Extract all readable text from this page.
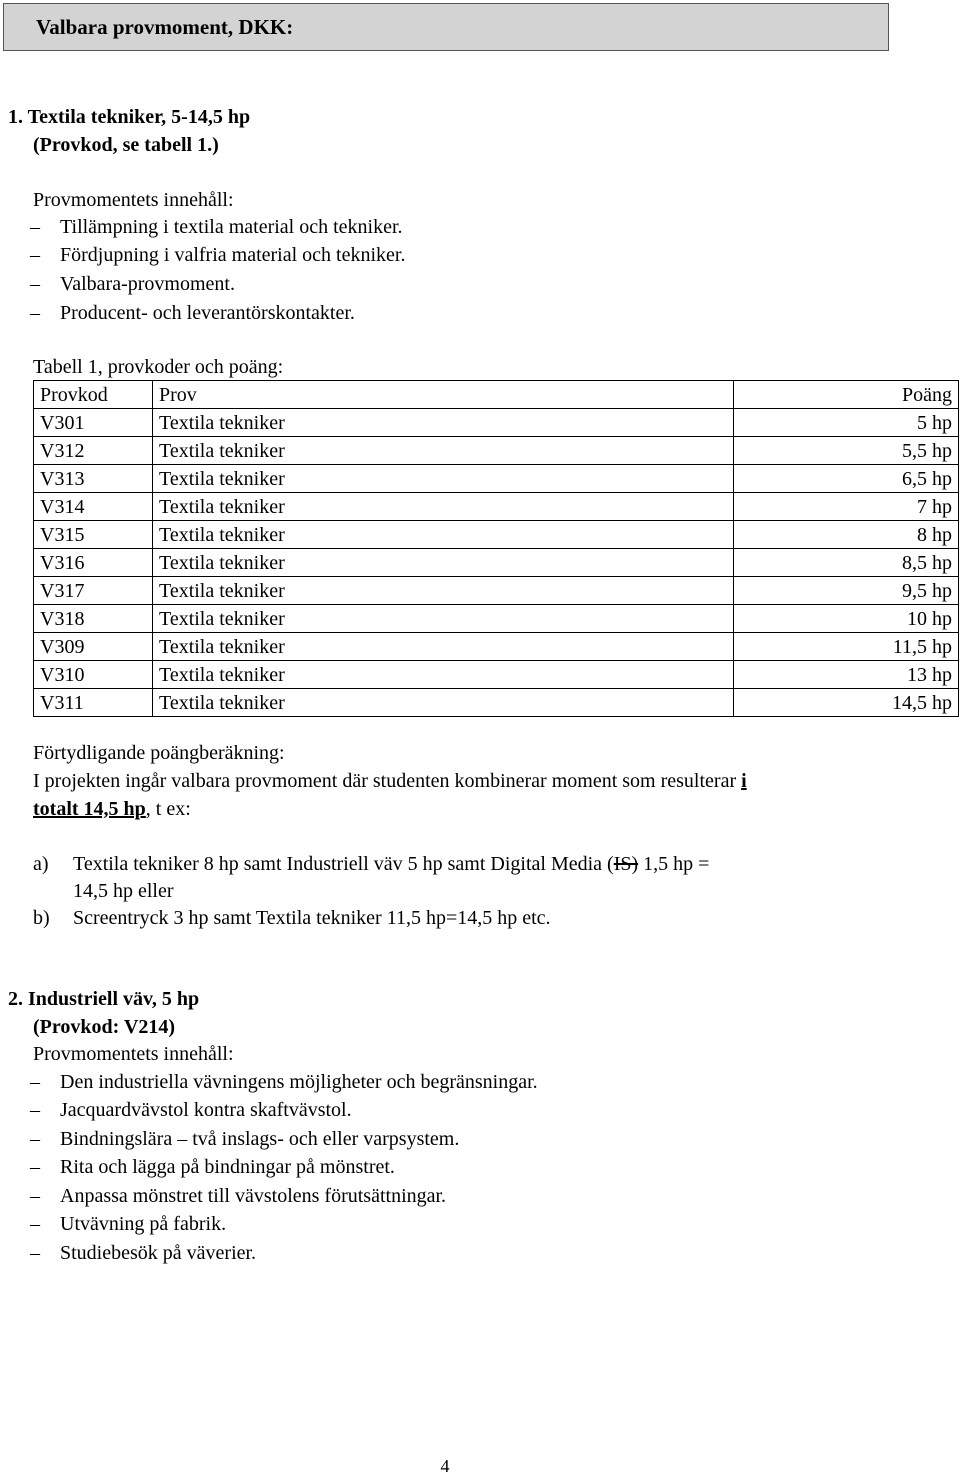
Valbara provmoment, DKK:
1. Textila tekniker, 5-14,5 hp
(Provkod, se tabell 1.)
Provmomentets innehåll:
– Tillämpning i textila material och tekniker.
– Fördjupning i valfria material och tekniker.
– Valbara-provmoment.
– Producent- och leverantörskontakter.
Tabell 1, provkoder och poäng:
Provkod	Prov	Poäng
V301	Textila tekniker	5 hp
V312	Textila tekniker	5,5 hp
V313	Textila tekniker	6,5 hp
V314	Textila tekniker	7 hp
V315	Textila tekniker	8 hp
V316	Textila tekniker	8,5 hp
V317	Textila tekniker	9,5 hp
V318	Textila tekniker	10 hp
V309	Textila tekniker	11,5 hp
V310	Textila tekniker	13 hp
V311	Textila tekniker	14,5 hp
Förtydligande poängberäkning:
I projekten ingår valbara provmoment där studenten kombinerar moment som resulterar i
totalt 14,5 hp, t ex:
a) Textila tekniker 8 hp samt Industriell väv 5 hp samt Digital Media (IS) 1,5 hp =
14,5 hp eller
b) Screentryck 3 hp samt Textila tekniker 11,5 hp=14,5 hp etc.
2. Industriell väv, 5 hp
(Provkod: V214)
Provmomentets innehåll:
– Den industriella vävningens möjligheter och begränsningar.
– Jacquardvävstol kontra skaftvävstol.
– Bindningslära – två inslags- och eller varpsystem.
– Rita och lägga på bindningar på mönstret.
– Anpassa mönstret till vävstolens förutsättningar.
– Utvävning på fabrik.
– Studiebesök på väverier.
4
